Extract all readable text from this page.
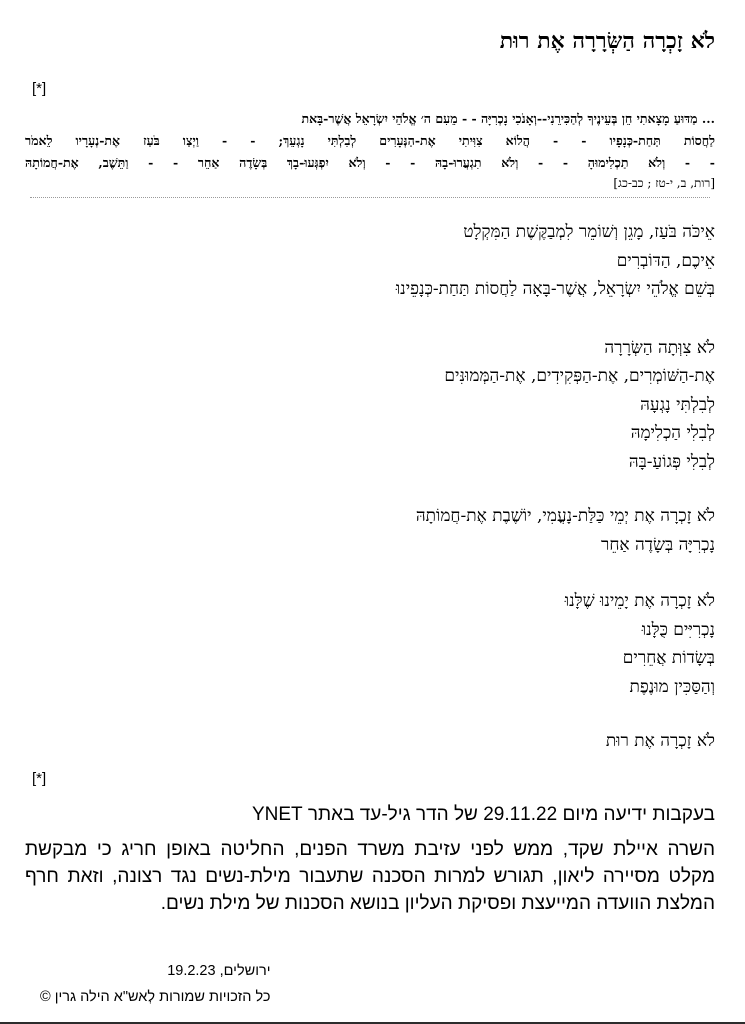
לֹא זָכְרָה הַשְּׂרָרָה אֶת רוּת
[*]
... מַדּוּעַ מָצָאתִי חֵן בְּעֵינֶיךָ לְהַכִּירֵנִי--וְאָנֹכִי נָכְרִיָּה - - מֵעִם ה׳ אֱלֹהֵי יִשְׂרָאֵל אֲשֶׁר-בָּאת
לַחֲסוֹת תַּחַת-כְּנָפָיו - - הֲלוֹא צִוִּיתִי אֶת-הַנְּעָרִים לְבִלְתִּי נָגְעֵךְ; - - וַיְצַו בֹּעַז אֶת-נְעָרָיו לֵאמֹר
- - וְלֹא תַכְלִימוּהָ - - וְלֹא תִגְעֲרוּ-בָהּ - - וְלֹא יִפְגְּעוּ-בָךְ בְּשָׂדֶה אַחֵר - - וַתֵּשֶׁב, אֶת-חֲמוֹתָהּ
[רות, ב, י-טז ; כב-כג]
אֵיכֹּה בֹּעַז, מָגֵן וְשׁוֹמֵר לִמְבַקֶּשֶׁת הַמִּקְלָט
אֵיכֶם, הַדּוֹבְרִים
בְּשֵׁם אֱלֹהֵי יִשְׂרָאֵל, אֲשֶׁר-בָּאָה לַחֲסוֹת תַּחַת-כְּנָפֵינוּ
לֹא צִוְּתָה הַשְּׂרָרָה
אֶת-הַשּׁוֹמְרִים, אֶת-הַפְּקִידִים, אֶת-הַמְּמוּנִּים
לְבִלְתִּי נָגְעָהּ
לְבִלִי הַכְלִימָהּ
לְבִלִי פְּגוֹעַ-בָּהּ
לֹא זָכְרָה אֶת יְמֵי כַּלַּת-נָעֳמִי, יוֹשֶׁבֶת אֶת-חֲמוֹתָהּ
נָכְרִיָּה בְּשָׂדֶה אַחֵר
לֹא זָכְרָה אֶת יָמֵינוּ שֶׁלָּנוּ
נָכְרִיִּים כֻּלָּנוּ
בְּשָׂדוֹת אֲחֵרִים
וְהַסַּכִּין מוּנֶפֶת
לֹא זָכְרָה אֶת רוּת
[*]
בעקבות ידיעה מיום 29.11.22 של הדר גיל-עד באתר YNET
השרה איילת שקד, ממש לפני עזיבת משרד הפנים, החליטה באופן חריג כי מבקשת מקלט מסיירה ליאון, תגורש למרות הסכנה שתעבור מילת-נשים נגד רצונה, וזאת חרף המלצת הוועדה המייעצת ופסיקת העליון בנושא הסכנות של מילת נשים.
ירושלים, 19.2.23
כל הזכויות שמורות לְאש"א הילה גרין ©
